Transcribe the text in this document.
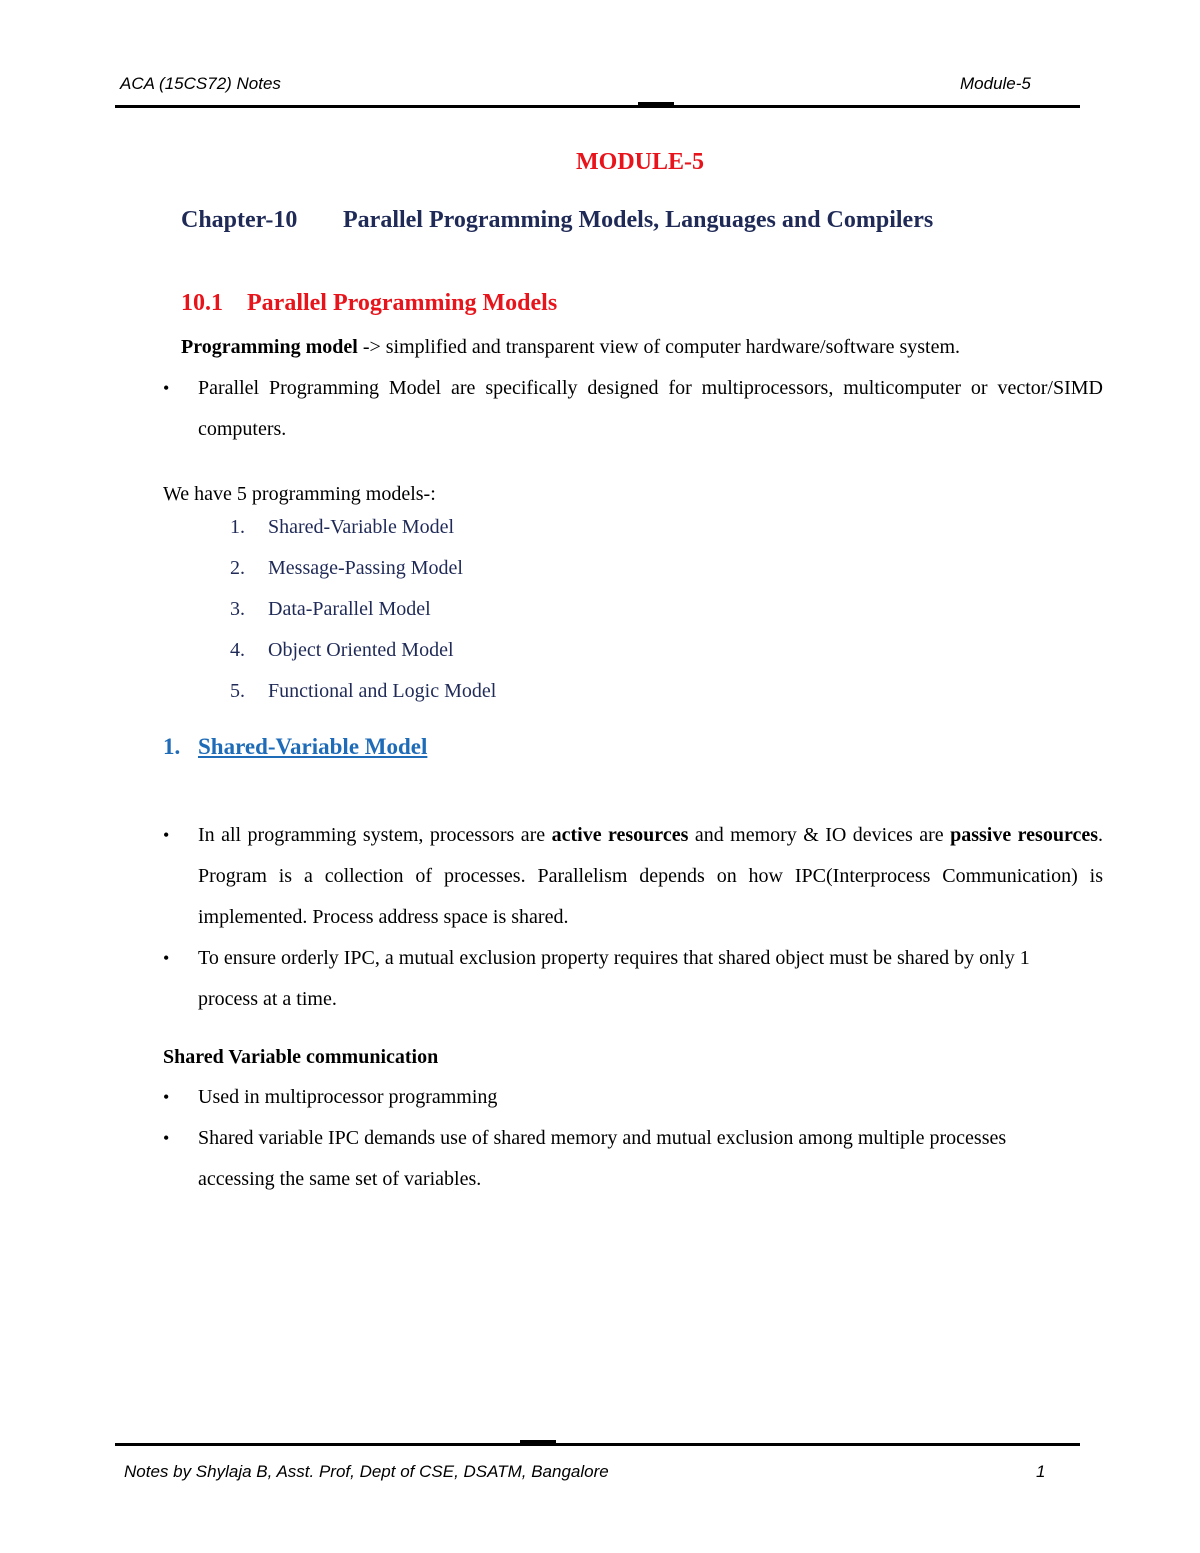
ACA (15CS72) Notes	Module-5
MODULE-5
Chapter-10 Parallel Programming Models, Languages and Compilers
10.1 Parallel Programming Models
Programming model -> simplified and transparent view of computer hardware/software system.
• Parallel Programming Model are specifically designed for multiprocessors, multicomputer or vector/SIMD computers.
We have 5 programming models-:
1. Shared-Variable Model
2. Message-Passing Model
3. Data-Parallel Model
4. Object Oriented Model
5. Functional and Logic Model
1. Shared-Variable Model
• In all programming system, processors are active resources and memory & IO devices are passive resources. Program is a collection of processes. Parallelism depends on how IPC(Interprocess Communication) is implemented. Process address space is shared.
• To ensure orderly IPC, a mutual exclusion property requires that shared object must be shared by only 1 process at a time.
Shared Variable communication
• Used in multiprocessor programming
• Shared variable IPC demands use of shared memory and mutual exclusion among multiple processes accessing the same set of variables.
Notes by Shylaja B, Asst. Prof, Dept of CSE, DSATM, Bangalore	1
